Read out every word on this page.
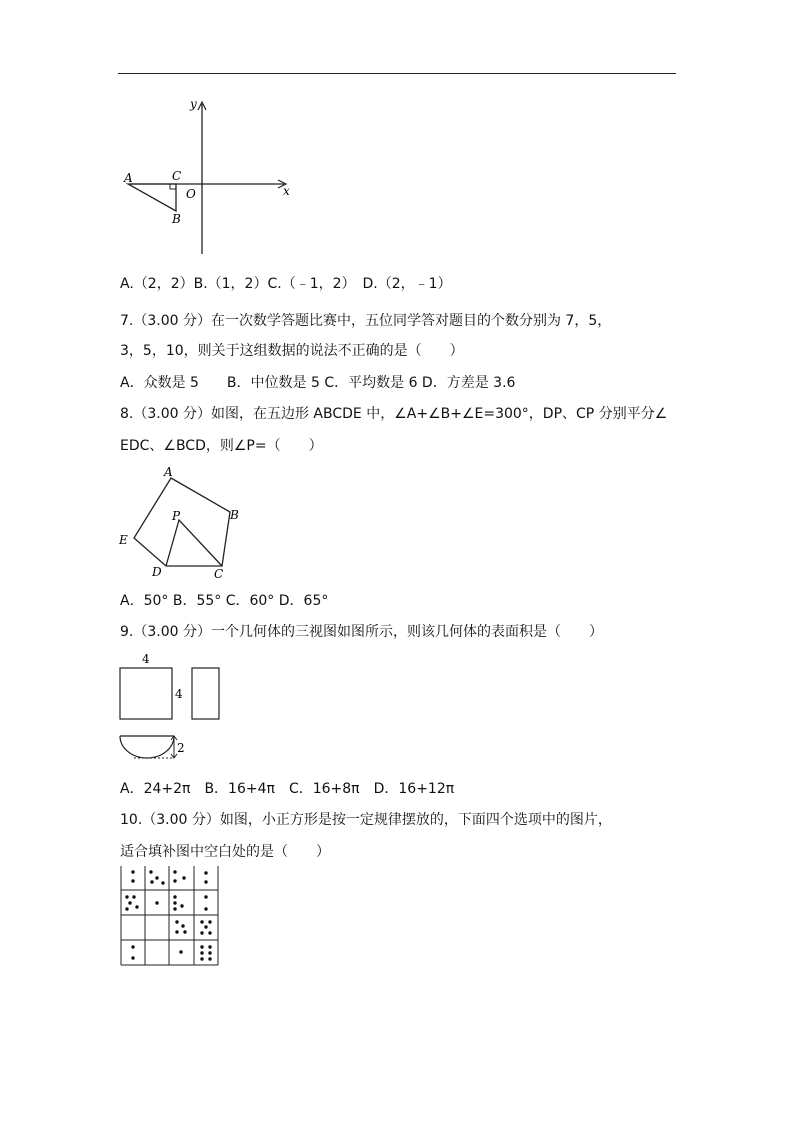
y
x
A	C
O
B
A.（2，2）B.（1，2）C.（﹣1，2）　D.（2，﹣1）
7.（3.00 分）在一次数学答题比赛中，五位同学答对题目的个数分别为 7，5，
3，5，10，则关于这组数据的说法不正确的是（　　）
A．众数是 5　　B．中位数是 5 C．平均数是 6 D．方差是 3.6
8.（3.00 分）如图，在五边形 ABCDE 中，∠A+∠B+∠E=300°，DP、CP 分别平分∠
EDC、∠BCD，则∠P=（　　）
A
B
C
D
E
P
A．50° B．55° C．60° D．65°
9.（3.00 分）一个几何体的三视图如图所示，则该几何体的表面积是（　　）
4
4
2
A．24+2π　B．16+4π　C．16+8π　D．16+12π
10.（3.00 分）如图，小正方形是按一定规律摆放的，下面四个选项中的图片，
适合填补图中空白处的是（　　）
